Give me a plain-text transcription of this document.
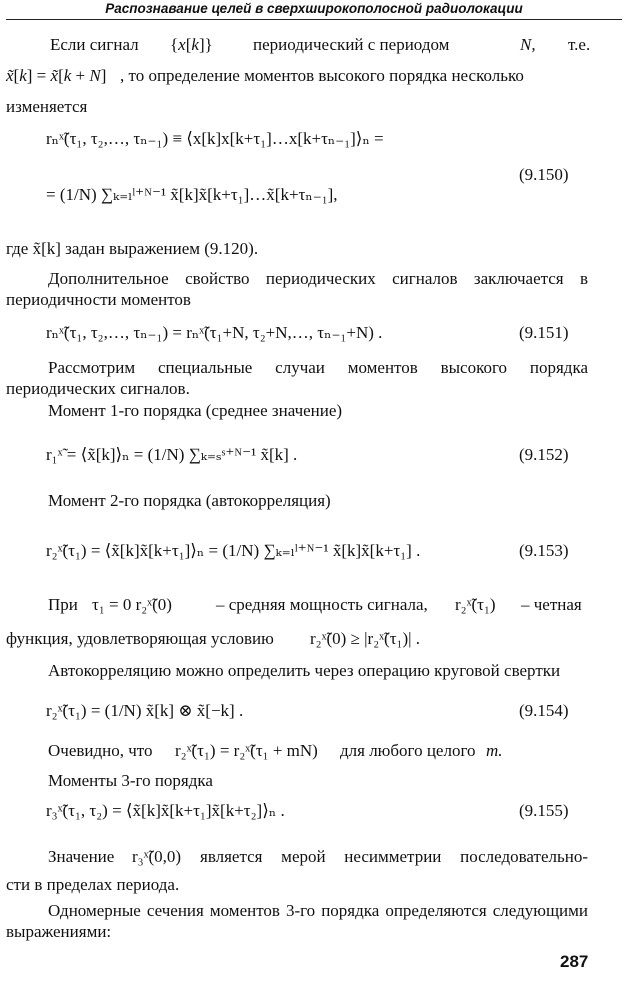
Распознавание целей в сверхширокополосной радиолокации
Если сигнал {x[k]} периодический с периодом	N, т.е.
x̃[k] = x̃[k + N] , то определение моментов высокого порядка несколько
изменяется
rₙˣ̃(τ₁, τ₂,…, τₙ₋₁) ≡ ⟨x[k]x[k+τ₁]…x[k+τₙ₋₁]⟩ₙ =
= (1/N) ∑ₖ₌ₗˡ⁺ᴺ⁻¹ x̃[k]x̃[k+τ₁]…x̃[k+τₙ₋₁],
(9.150)
где x̃[k] задан выражением (9.120).
Дополнительное свойство периодических сигналов заключается в периодичности моментов
rₙˣ̃(τ₁, τ₂,…, τₙ₋₁) = rₙˣ̃(τ₁+N, τ₂+N,…, τₙ₋₁+N) .	(9.151)
Рассмотрим специальные случаи моментов высокого порядка периодических сигналов.
Момент 1-го порядка (среднее значение)
r₁ˣ̃ = ⟨x̃[k]⟩ₙ = (1/N) ∑ₖ₌ₛˢ⁺ᴺ⁻¹ x̃[k] .	(9.152)
Момент 2-го порядка (автокорреляция)
r₂ˣ̃(τ₁) = ⟨x̃[k]x̃[k+τ₁]⟩ₙ = (1/N) ∑ₖ₌ₗˡ⁺ᴺ⁻¹ x̃[k]x̃[k+τ₁] .	(9.153)
При τ₁ = 0 r₂ˣ̃(0)	– средняя мощность сигнала, r₂ˣ̃(τ₁) – четная
функция, удовлетворяющая условию r₂ˣ̃(0) ≥ |r₂ˣ̃(τ₁)| .
Автокорреляцию можно определить через операцию круговой свертки
r₂ˣ̃(τ₁) = (1/N) x̃[k] ⊗ x̃[−k] .	(9.154)
Очевидно, что r₂ˣ̃(τ₁) = r₂ˣ̃(τ₁ + mN) для любого целого m.
Моменты 3-го порядка
r₃ˣ̃(τ₁, τ₂) = ⟨x̃[k]x̃[k+τ₁]x̃[k+τ₂]⟩ₙ .	(9.155)
Значение r₃ˣ̃(0,0) является мерой несимметрии последовательно-
сти в пределах периода.
Одномерные сечения моментов 3-го порядка определяются следующими выражениями:
287
